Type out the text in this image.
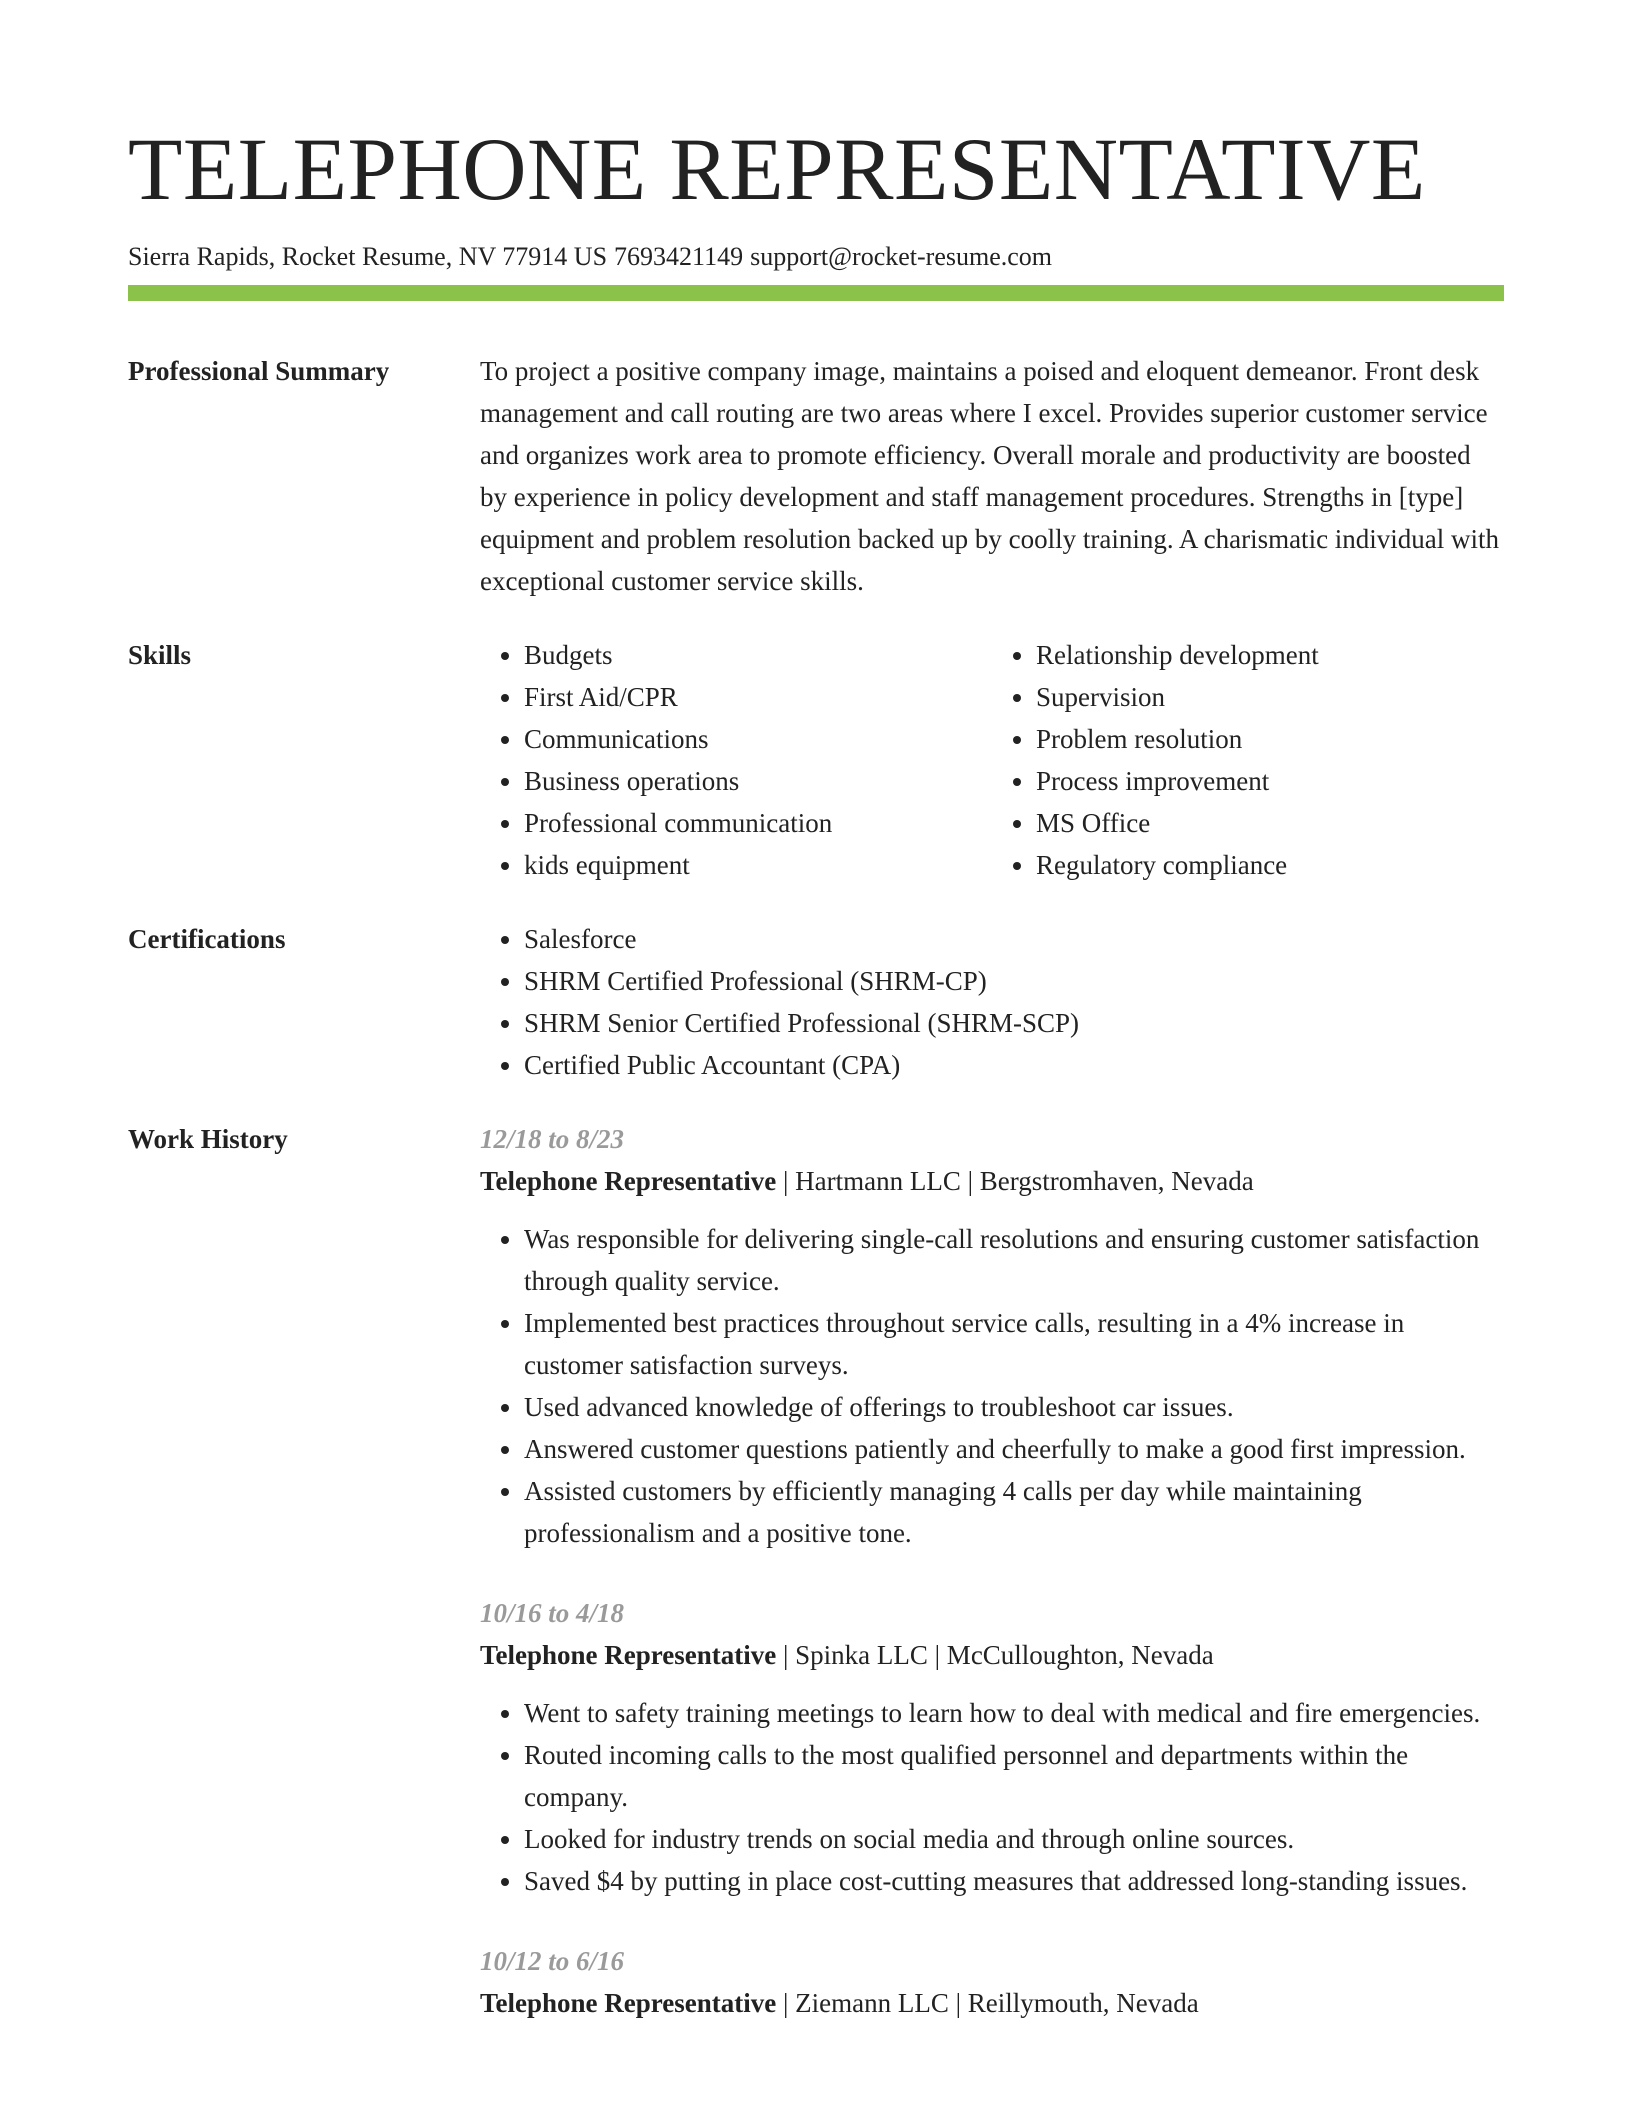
TELEPHONE REPRESENTATIVE
Sierra Rapids, Rocket Resume, NV 77914 US 7693421149 support@rocket-resume.com
Professional Summary	To project a positive company image, maintains a poised and eloquent demeanor. Front desk management and call routing are two areas where I excel. Provides superior customer service and organizes work area to promote efficiency. Overall morale and productivity are boosted by experience in policy development and staff management procedures. Strengths in [type] equipment and problem resolution backed up by coolly training. A charismatic individual with exceptional customer service skills.

Skills	• Budgets
• First Aid/CPR
• Communications
• Business operations
• Professional communication
• kids equipment
• Relationship development
• Supervision
• Problem resolution
• Process improvement
• MS Office
• Regulatory compliance
Certifications	• Salesforce
• SHRM Certified Professional (SHRM-CP)
• SHRM Senior Certified Professional (SHRM-SCP)
• Certified Public Accountant (CPA)
Work History	12/18 to 8/23
Telephone Representative | Hartmann LLC | Bergstromhaven, Nevada
• Was responsible for delivering single-call resolutions and ensuring customer satisfaction through quality service.
• Implemented best practices throughout service calls, resulting in a 4% increase in customer satisfaction surveys.
• Used advanced knowledge of offerings to troubleshoot car issues.
• Answered customer questions patiently and cheerfully to make a good first impression.
• Assisted customers by efficiently managing 4 calls per day while maintaining professionalism and a positive tone.
10/16 to 4/18
Telephone Representative | Spinka LLC | McCulloughton, Nevada
• Went to safety training meetings to learn how to deal with medical and fire emergencies.
• Routed incoming calls to the most qualified personnel and departments within the company.
• Looked for industry trends on social media and through online sources.
• Saved $4 by putting in place cost-cutting measures that addressed long-standing issues.
10/12 to 6/16
Telephone Representative | Ziemann LLC | Reillymouth, Nevada
